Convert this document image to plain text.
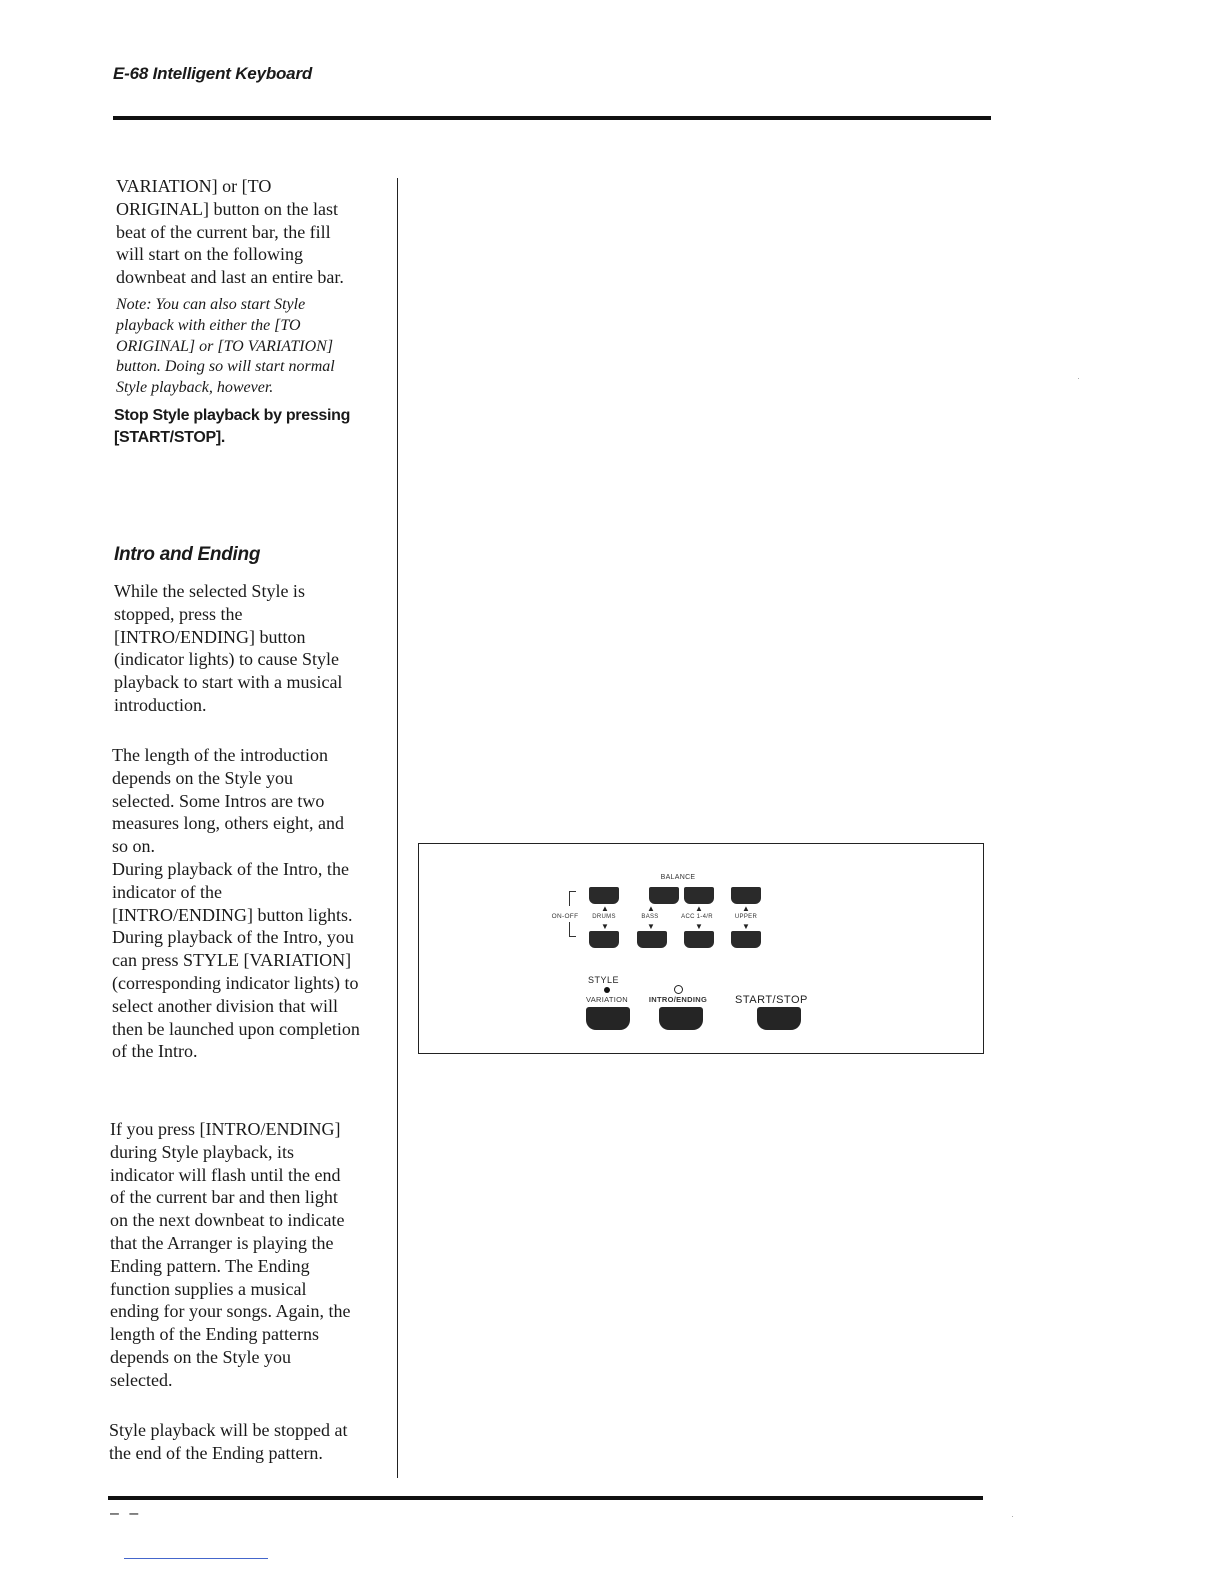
E-68 Intelligent Keyboard

VARIATION] or [TO

ORIGINAL] button on the last

beat of the current bar, the fill

will start on the following

downbeat and last an entire bar.

Note: You can also start Style
playback with either the [TO
ORIGINAL] or [TO VARIATION]
button. Doing so will start normal
Style playback, however.
Stop Style playback by pressing
[START/STOP].
Intro and Ending

While the selected Style is

stopped, press the

[INTRO/ENDING] button

(indicator lights) to cause Style

playback to start with a musical

introduction.

The length of the introduction

depends on the Style you

selected. Some Intros are two

measures long, others eight, and

so on.

During playback of the Intro, the

indicator of the

[INTRO/ENDING] button lights.

During playback of the Intro, you

can press STYLE [VARIATION]

(corresponding indicator lights) to

select another division that will

then be launched upon completion

of the Intro.

If you press [INTRO/ENDING]

during Style playback, its

indicator will flash until the end

of the current bar and then light

on the next downbeat to indicate

that the Arranger is playing the

Ending pattern. The Ending

function supplies a musical

ending for your songs. Again, the

length of the Ending patterns

depends on the Style you

selected.

Style playback will be stopped at

the end of the Ending pattern.

BALANCE
ON-OFF
▲	▲	▲	▲
DRUMS	BASS	ACC 1-4/R	UPPER
▼	▼	▼	▼
STYLE
VARIATION	INTRO/ENDING	START/STOP
– –
